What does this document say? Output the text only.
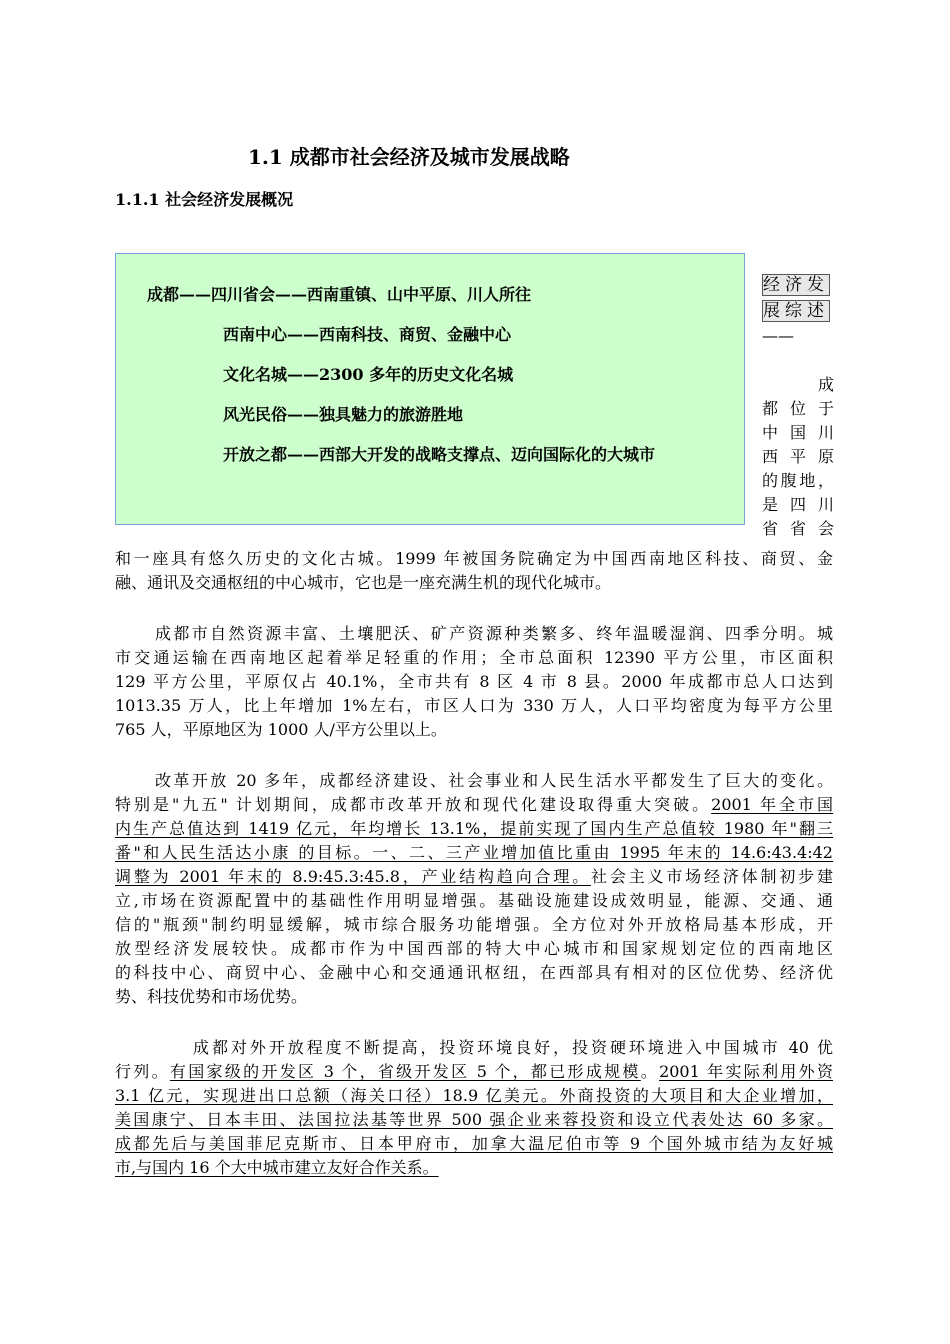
1.1 成都市社会经济及城市发展战略
1.1.1 社会经济发展概况
成都——四川省会——西南重镇、山中平原、川人所往
西南中心——西南科技、商贸、金融中心
文化名城——2300 多年的历史文化名城
风光民俗——独具魅力的旅游胜地
开放之都——西部大开发的战略支撑点、迈向国际化的大城市
经济发
展综述
——
成
都位于
中国川
西平原
的腹地，
是四川
省省会
和一座具有悠久历史的文化古城。1999 年被国务院确定为中国西南地区科技、商贸、金
融、通讯及交通枢纽的中心城市，它也是一座充满生机的现代化城市。
成都市自然资源丰富、土壤肥沃、矿产资源种类繁多、终年温暖湿润、四季分明。城
市交通运输在西南地区起着举足轻重的作用；全市总面积 12390 平方公里，市区面积
129 平方公里，平原仅占 40.1%，全市共有 8 区 4 市 8 县。2000 年成都市总人口达到
1013.35 万人，比上年增加 1%左右，市区人口为 330 万人，人口平均密度为每平方公里
765 人，平原地区为 1000 人/平方公里以上。
改革开放 20 多年，成都经济建设、社会事业和人民生活水平都发生了巨大的变化。
特别是"九五" 计划期间，成都市改革开放和现代化建设取得重大突破。2001 年全市国
内生产总值达到 1419 亿元，年均增长 13.1%，提前实现了国内生产总值较 1980 年"翻三
番"和人民生活达小康 的目标。一、二、三产业增加值比重由 1995 年末的 14.6:43.4:42
调整为 2001 年末的 8.9:45.3:45.8，产业结构趋向合理。社会主义市场经济体制初步建
立,市场在资源配置中的基础性作用明显增强。基础设施建设成效明显，能源、交通、通
信的"瓶颈"制约明显缓解，城市综合服务功能增强。全方位对外开放格局基本形成，开
放型经济发展较快。成都市作为中国西部的特大中心城市和国家规划定位的西南地区
的科技中心、商贸中心、金融中心和交通通讯枢纽，在西部具有相对的区位优势、经济优
势、科技优势和市场优势。
成都对外开放程度不断提高，投资环境良好，投资硬环境进入中国城市 40 优
行列。有国家级的开发区 3 个，省级开发区 5 个，都已形成规模。2001 年实际利用外资
3.1 亿元，实现进出口总额（海关口径）18.9 亿美元。外商投资的大项目和大企业增加，
美国康宁、日本丰田、法国拉法基等世界 500 强企业来蓉投资和设立代表处达 60 多家。
成都先后与美国菲尼克斯市、日本甲府市，加拿大温尼伯市等 9 个国外城市结为友好城
市,与国内 16 个大中城市建立友好合作关系。
